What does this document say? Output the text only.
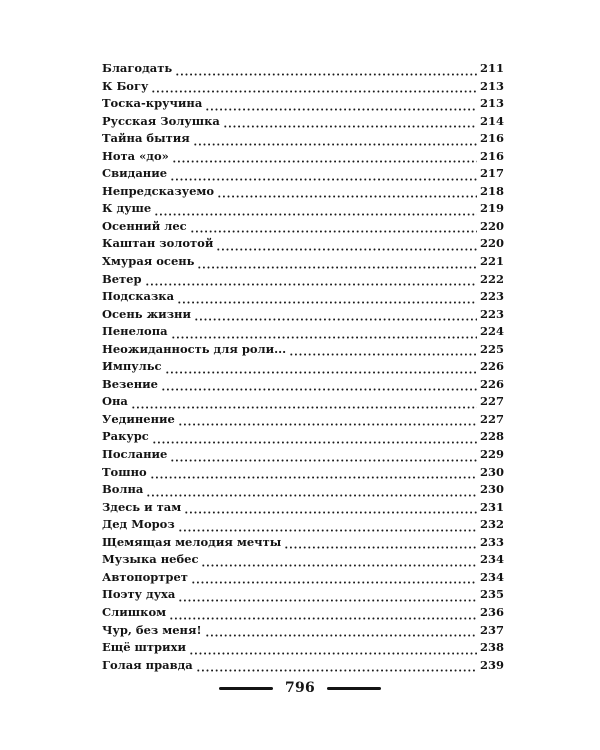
Благодать	211
К Богу	213
Тоска-кручина	213
Русская Золушка	214
Тайна бытия	216
Нота «до»	216
Свидание	217
Непредсказуемо	218
К душе	219
Осенний лес	220
Каштан золотой	220
Хмурая осень	221
Ветер	222
Подсказка	223
Осень жизни	223
Пенелопа	224
Неожиданность для роли...	225
Импульс	226
Везение	226
Она	227
Уединение	227
Ракурс	228
Послание	229
Тошно	230
Волна	230
Здесь и там	231
Дед Мороз	232
Щемящая мелодия мечты	233
Музыка небес	234
Автопортрет	234
Поэту духа	235
Слишком	236
Чур, без меня!	237
Ещё штрихи	238
Голая правда	239
796
